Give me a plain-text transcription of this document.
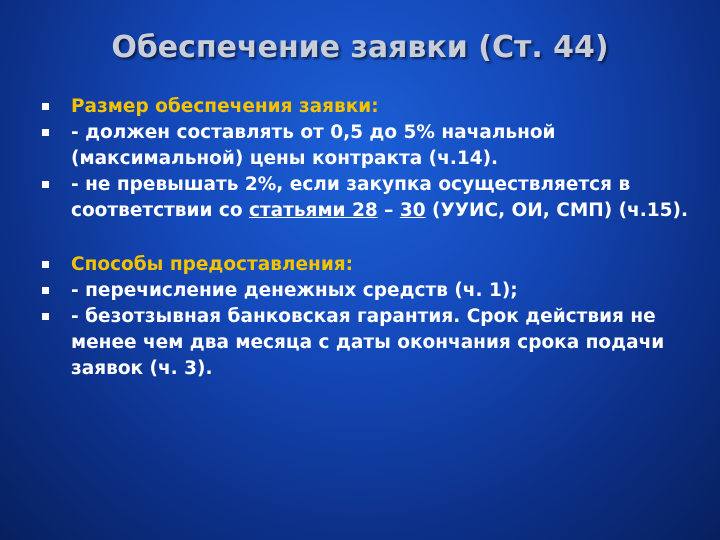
Обеспечение заявки (Ст. 44)
Размер обеспечения заявки:
- должен составлять от 0,5 до 5% начальной (максимальной) цены контракта (ч.14).
- не превышать 2%, если закупка осуществляется в соответствии со статьями 28 – 30 (УУИС, ОИ, СМП) (ч.15).
Способы предоставления:
- перечисление денежных средств (ч. 1);
- безотзывная банковская гарантия. Срок действия не менее чем два месяца с даты окончания срока подачи заявок (ч. 3).
